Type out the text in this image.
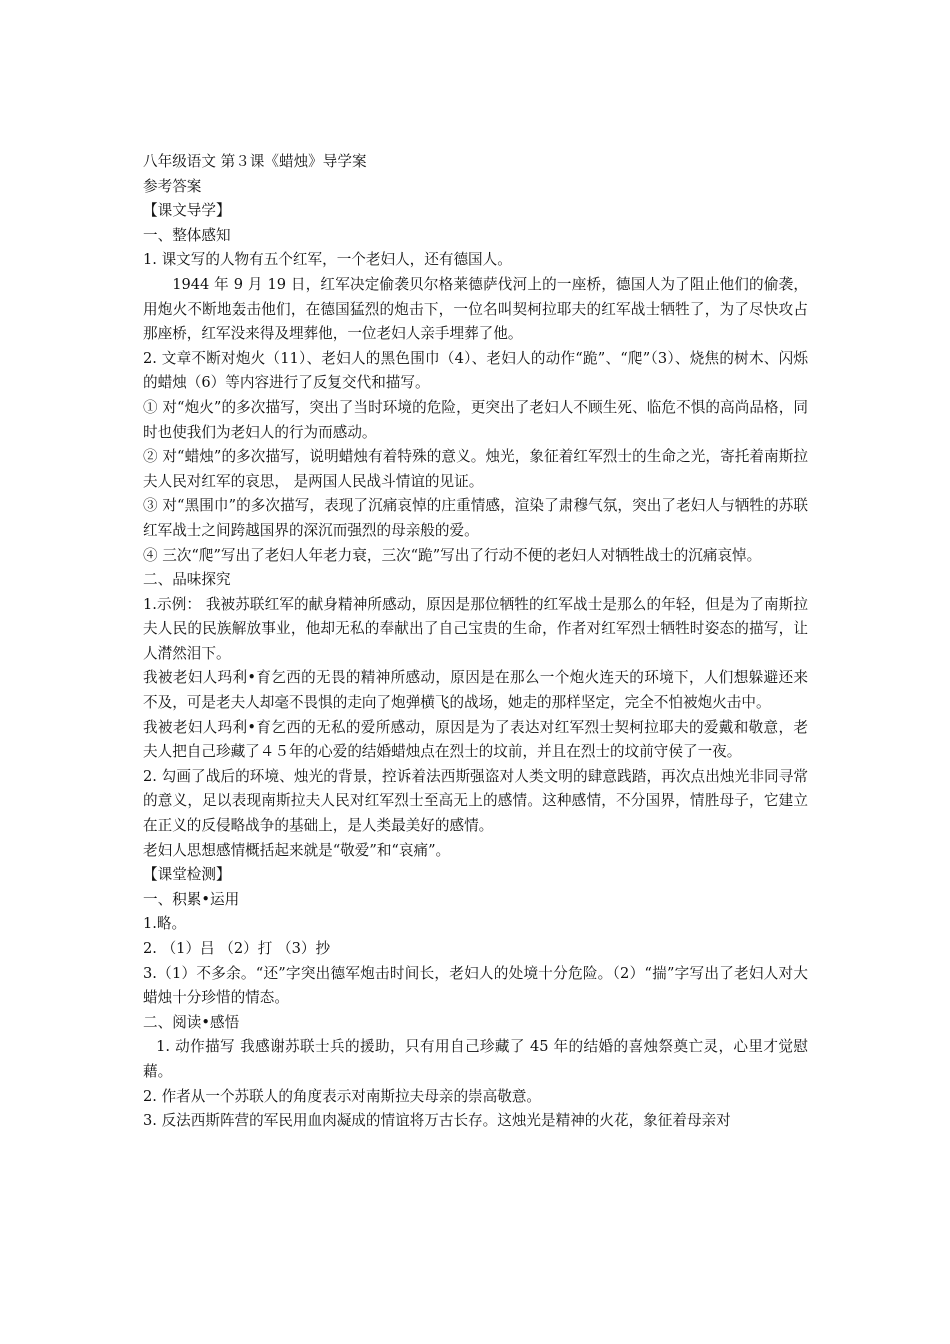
八年级语文 第３课《蜡烛》导学案

参考答案

【课文导学】

一、整体感知

1. 课文写的人物有五个红军，一个老妇人，还有德国人。

1944 年 9 月 19 日，红军决定偷袭贝尔格莱德萨伐河上的一座桥，德国人为了阻止他们的偷袭，用炮火不断地轰击他们，在德国猛烈的炮击下，一位名叫契柯拉耶夫的红军战士牺牲了，为了尽快攻占那座桥，红军没来得及埋葬他，一位老妇人亲手埋葬了他。

2. 文章不断对炮火（11）、老妇人的黑色围巾（4）、老妇人的动作“跪”、“爬”（3）、烧焦的树木、闪烁的蜡烛（6）等内容进行了反复交代和描写。

① 对“炮火”的多次描写，突出了当时环境的危险，更突出了老妇人不顾生死、临危不惧的高尚品格，同时也使我们为老妇人的行为而感动。

② 对“蜡烛”的多次描写，说明蜡烛有着特殊的意义。烛光，象征着红军烈士的生命之光，寄托着南斯拉夫人民对红军的哀思， 是两国人民战斗情谊的见证。

③ 对“黑围巾”的多次描写，表现了沉痛哀悼的庄重情感，渲染了肃穆气氛，突出了老妇人与牺牲的苏联红军战士之间跨越国界的深沉而强烈的母亲般的爱。

④ 三次“爬”写出了老妇人年老力衰，三次“跪”写出了行动不便的老妇人对牺牲战士的沉痛哀悼。

二、品味探究

1.示例： 我被苏联红军的献身精神所感动，原因是那位牺牲的红军战士是那么的年轻，但是为了南斯拉夫人民的民族解放事业，他却无私的奉献出了自己宝贵的生命，作者对红军烈士牺牲时姿态的描写，让人潸然泪下。

我被老妇人玛利•育乞西的无畏的精神所感动，原因是在那么一个炮火连天的环境下，人们想躲避还来不及，可是老夫人却毫不畏惧的走向了炮弹横飞的战场，她走的那样坚定，完全不怕被炮火击中。

我被老妇人玛利•育乞西的无私的爱所感动，原因是为了表达对红军烈士契柯拉耶夫的爱戴和敬意，老夫人把自己珍藏了４５年的心爱的结婚蜡烛点在烈士的坟前，并且在烈士的坟前守侯了一夜。

2. 勾画了战后的环境、烛光的背景，控诉着法西斯强盗对人类文明的肆意践踏，再次点出烛光非同寻常的意义，足以表现南斯拉夫人民对红军烈士至高无上的感情。这种感情，不分国界，情胜母子，它建立在正义的反侵略战争的基础上，是人类最美好的感情。

老妇人思想感情概括起来就是“敬爱”和“哀痛”。

【课堂检测】

一、积累•运用

1.略。

2. （1）吕 （2）打 （3）抄

3.（1）不多余。“还”字突出德军炮击时间长，老妇人的处境十分危险。（2）“揣”字写出了老妇人对大蜡烛十分珍惜的情态。

二、阅读•感悟

1. 动作描写 我感谢苏联士兵的援助，只有用自己珍藏了 45 年的结婚的喜烛祭奠亡灵，心里才觉慰藉。

2. 作者从一个苏联人的角度表示对南斯拉夫母亲的崇高敬意。

3. 反法西斯阵营的军民用血肉凝成的情谊将万古长存。这烛光是精神的火花，象征着母亲对
